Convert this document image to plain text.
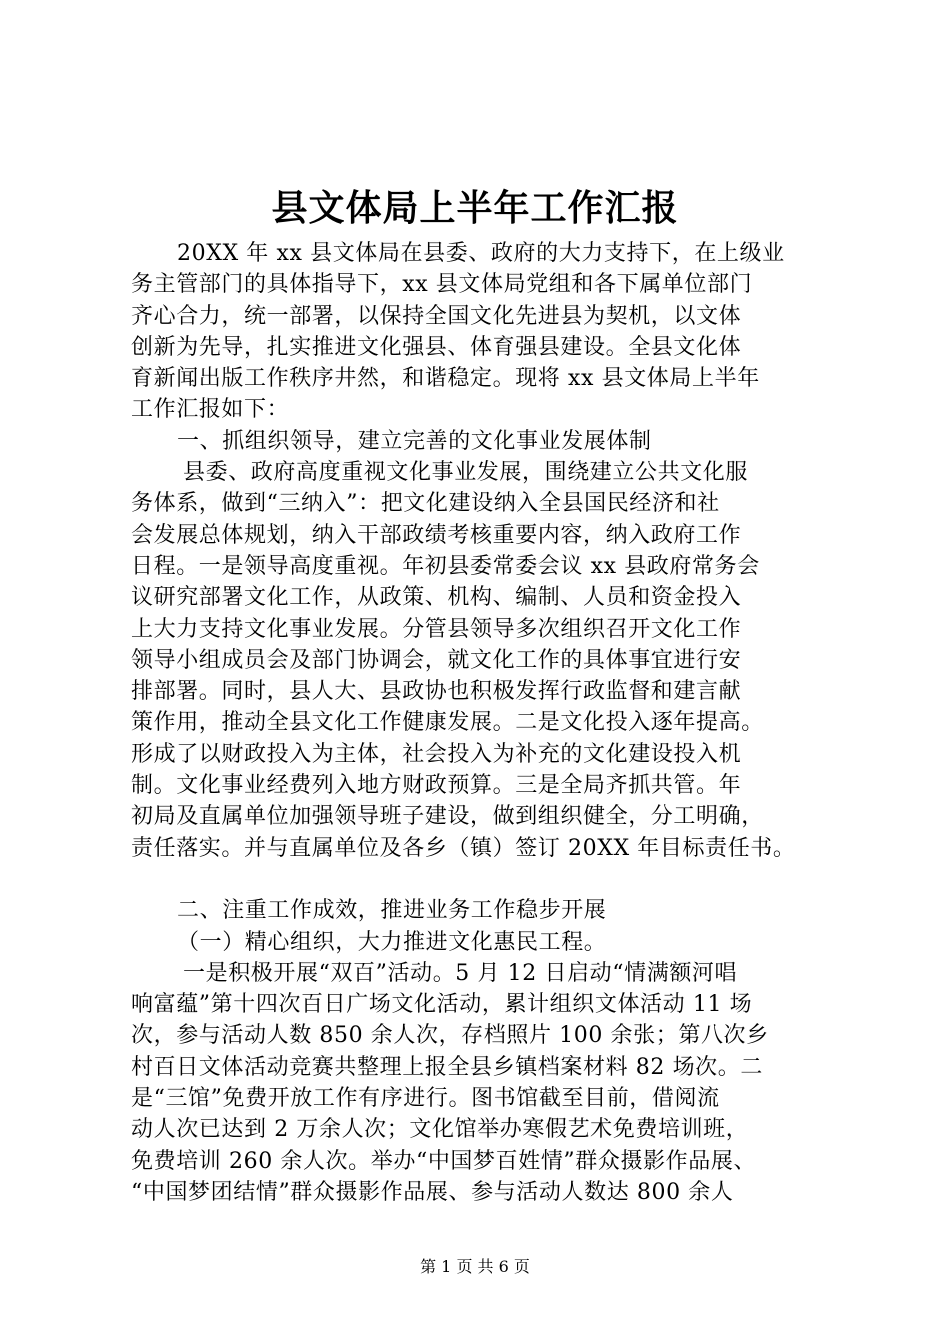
县文体局上半年工作汇报
20XX 年 xx 县文体局在县委、政府的大力支持下，在上级业
务主管部门的具体指导下，xx 县文体局党组和各下属单位部门
齐心合力，统一部署，以保持全国文化先进县为契机，以文体
创新为先导，扎实推进文化强县、体育强县建设。全县文化体
育新闻出版工作秩序井然，和谐稳定。现将 xx 县文体局上半年
工作汇报如下：
一、抓组织领导，建立完善的文化事业发展体制
县委、政府高度重视文化事业发展，围绕建立公共文化服
务体系，做到“三纳入”：把文化建设纳入全县国民经济和社
会发展总体规划，纳入干部政绩考核重要内容，纳入政府工作
日程。一是领导高度重视。年初县委常委会议 xx 县政府常务会
议研究部署文化工作，从政策、机构、编制、人员和资金投入
上大力支持文化事业发展。分管县领导多次组织召开文化工作
领导小组成员会及部门协调会，就文化工作的具体事宜进行安
排部署。同时，县人大、县政协也积极发挥行政监督和建言献
策作用，推动全县文化工作健康发展。二是文化投入逐年提高。
形成了以财政投入为主体，社会投入为补充的文化建设投入机
制。文化事业经费列入地方财政预算。三是全局齐抓共管。年
初局及直属单位加强领导班子建设，做到组织健全，分工明确，
责任落实。并与直属单位及各乡（镇）签订 20XX 年目标责任书。
二、注重工作成效，推进业务工作稳步开展
（一）精心组织，大力推进文化惠民工程。
一是积极开展“双百”活动。5 月 12 日启动“情满额河唱
响富蕴”第十四次百日广场文化活动，累计组织文体活动 11 场
次，参与活动人数 850 余人次，存档照片 100 余张；第八次乡
村百日文体活动竞赛共整理上报全县乡镇档案材料 82 场次。二
是“三馆”免费开放工作有序进行。图书馆截至目前，借阅流
动人次已达到 2 万余人次；文化馆举办寒假艺术免费培训班，
免费培训 260 余人次。举办“中国梦百姓情”群众摄影作品展、
“中国梦团结情”群众摄影作品展、参与活动人数达 800 余人
第 1 页 共 6 页
